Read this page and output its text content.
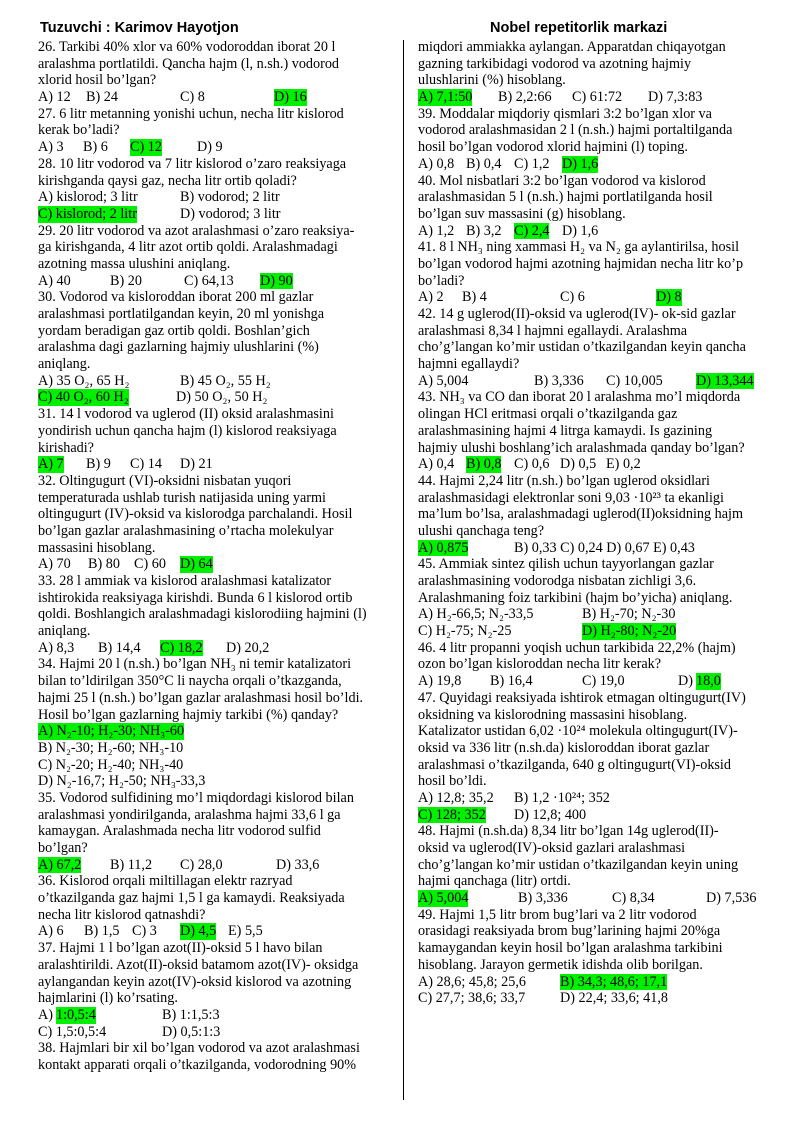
Tuzuvchi : Karimov Hayotjon	Nobel repetitorlik markazi
26. Tarkibi 40% xlor va 60% vodoroddan iborat 20 l
aralashma portlatildi. Qancha hajm (l, n.sh.) vodorod
xlorid hosil bo’lgan?
A) 12 B) 24	C) 8	D) 16
27. 6 litr metanning yonishi uchun, necha litr kislorod
kerak bo’ladi?
A) 3 B) 6 C) 12 D) 9
28. 10 litr vodorod va 7 litr kislorod o’zaro reaksiyaga
kirishganda qaysi gaz, necha litr ortib qoladi?
A) kislorod; 3 litr	B) vodorod; 2 litr
C) kislorod; 2 litr	D) vodorod; 3 litr
29. 20 litr vodorod va azot aralashmasi o’zaro reaksiya-
ga kirishganda, 4 litr azot ortib qoldi. Aralashmadagi
azotning massa ulushini aniqlang.
A) 40	B) 20	C) 64,13 D) 90
30. Vodorod va kisloroddan iborat 200 ml gazlar
aralashmasi portlatilgandan keyin, 20 ml yonishga
yordam beradigan gaz ortib qoldi. Boshlan’gich
aralashma dagi gazlarning hajmiy ulushlarini (%)
aniqlang.
A) 35 O₂, 65 H₂	B) 45 O₂, 55 H₂
C) 40 O₂, 60 H₂	D) 50 O₂, 50 H₂
31. 14 l vodorod va uglerod (II) oksid aralashmasini
yondirish uchun qancha hajm (l) kislorod reaksiyaga
kirishadi?
A) 7 B) 9 C) 14 D) 21
32. Oltingugurt (VI)-oksidni nisbatan yuqori
temperaturada ushlab turish natijasida uning yarmi
oltingugurt (IV)-oksid va kislorodga parchalandi. Hosil
bo’lgan gazlar aralashmasining o’rtacha molekulyar
massasini hisoblang.
A) 70 B) 80 C) 60 D) 64
33. 28 l ammiak va kislorod aralashmasi katalizator
ishtirokida reaksiyaga kirishdi. Bunda 6 l kislorod ortib
qoldi. Boshlangich aralashmadagi kislorodiing hajmini (l)
aniqlang.
A) 8,3 B) 14,4 C) 18,2 D) 20,2
34. Hajmi 20 l (n.sh.) bo’lgan NH₃ ni temir katalizatori
bilan to’ldirilgan 350°C li naycha orqali o’tkazganda,
hajmi 25 l (n.sh.) bo’lgan gazlar aralashmasi hosil bo’ldi.
Hosil bo’lgan gazlarning hajmiy tarkibi (%) qanday?
A) N₂-10; H₂-30; NH₃-60
B) N₂-30; H₂-60; NH₃-10
C) N₂-20; H₂-40; NH₃-40
D) N₂-16,7; H₂-50; NH₃-33,3
35. Vodorod sulfidining mo’l miqdordagi kislorod bilan
aralashmasi yondirilganda, aralashma hajmi 33,6 l ga
kamaygan. Aralashmada necha litr vodorod sulfid
bo’lgan?
A) 67,2 B) 11,2 C) 28,0	D) 33,6
36. Kislorod orqali miltillagan elektr razryad
o’tkazilganda gaz hajmi 1,5 l ga kamaydi. Reaksiyada
necha litr kislorod qatnashdi?
A) 6 B) 1,5 C) 3 D) 4,5 E) 5,5
37. Hajmi 1 l bo’lgan azot(II)-oksid 5 l havo bilan
aralashtirildi. Azot(II)-oksid batamom azot(IV)- oksidga
aylangandan keyin azot(IV)-oksid kislorod va azotning
hajmlarini (l) ko’rsating.
A) 1:0,5:4	B) 1:1,5:3
C) 1,5:0,5:4	D) 0,5:1:3
38. Hajmlari bir xil bo’lgan vodorod va azot aralashmasi
kontakt apparati orqali o’tkazilganda, vodorodning 90%
miqdori ammiakka aylangan. Apparatdan chiqayotgan
gazning tarkibidagi vodorod va azotning hajmiy
ulushlarini (%) hisoblang.
A) 7,1:50 B) 2,2:66 C) 61:72 D) 7,3:83
39. Moddalar miqdoriy qismlari 3:2 bo’lgan xlor va
vodorod aralashmasidan 2 l (n.sh.) hajmi portaltilganda
hosil bo’lgan vodorod xlorid hajmini (l) toping.
A) 0,8 B) 0,4 C) 1,2 D) 1,6
40. Mol nisbatlari 3:2 bo’lgan vodorod va kislorod
aralashmasidan 5 l (n.sh.) hajmi portlatilganda hosil
bo’lgan suv massasini (g) hisoblang.
A) 1,2 B) 3,2 C) 2,4 D) 1,6
41. 8 l NH₃ ning xammasi H₂ va N₂ ga aylantirilsa, hosil
bo’lgan vodorod hajmi azotning hajmidan necha litr ko’p
bo’ladi?
A) 2 B) 4	C) 6	D) 8
42. 14 g uglerod(II)-oksid va uglerod(IV)- ok-sid gazlar
aralashmasi 8,34 l hajmni egallaydi. Aralashma
cho’g’langan ko’mir ustidan o’tkazilgandan keyin qancha
hajmni egallaydi?
A) 5,004	B) 3,336 C) 10,005 D) 13,344
43. NH₃ va CO dan iborat 20 l aralashma mo’l miqdorda
olingan HCl eritmasi orqali o’tkazilganda gaz
aralashmasining hajmi 4 litrga kamaydi. Is gazining
hajmiy ulushi boshlang’ich aralashmada qanday bo’lgan?
A) 0,4 B) 0,8 C) 0,6 D) 0,5 E) 0,2
44. Hajmi 2,24 litr (n.sh.) bo’lgan uglerod oksidlari
aralashmasidagi elektronlar soni 9,03 ·10²³ ta ekanligi
ma’lum bo’lsa, aralashmadagi uglerod(II)oksidning hajm
ulushi qanchaga teng?
A) 0,875	B) 0,33 C) 0,24 D) 0,67 E) 0,43
45. Ammiak sintez qilish uchun tayyorlangan gazlar
aralashmasining vodorodga nisbatan zichligi 3,6.
Aralashmaning foiz tarkibini (hajm bo’yicha) aniqlang.
A) H₂-66,5; N₂-33,5	B) H₂-70; N₂-30
C) H₂-75; N₂-25	D) H₂-80; N₂-20
46. 4 litr propanni yoqish uchun tarkibida 22,2% (hajm)
ozon bo’lgan kisloroddan necha litr kerak?
A) 19,8 B) 16,4	C) 19,0	D) 18,0
47. Quyidagi reaksiyada ishtirok etmagan oltingugurt(IV)
oksidning va kislorodning massasini hisoblang.
Katalizator ustidan 6,02 ·10²⁴ molekula oltingugurt(IV)-
oksid va 336 litr (n.sh.da) kisloroddan iborat gazlar
aralashmasi o’tkazilganda, 640 g oltingugurt(VI)-oksid
hosil bo’ldi.
A) 12,8; 35,2 B) 1,2 ·10²⁴; 352
C) 128; 352 D) 12,8; 400
48. Hajmi (n.sh.da) 8,34 litr bo’lgan 14g uglerod(II)-
oksid va uglerod(IV)-oksid gazlari aralashmasi
cho’g’langan ko’mir ustidan o’tkazilgandan keyin uning
hajmi qanchaga (litr) ortdi.
A) 5,004	B) 3,336	C) 8,34	D) 7,536
49. Hajmi 1,5 litr brom bug’lari va 2 litr vodorod
orasidagi reaksiyada brom bug’larining hajmi 20%ga
kamaygandan keyin hosil bo’lgan aralashma tarkibini
hisoblang. Jarayon germetik idishda olib borilgan.
A) 28,6; 45,8; 25,6 B) 34,3; 48,6; 17,1
C) 27,7; 38,6; 33,7 D) 22,4; 33,6; 41,8
